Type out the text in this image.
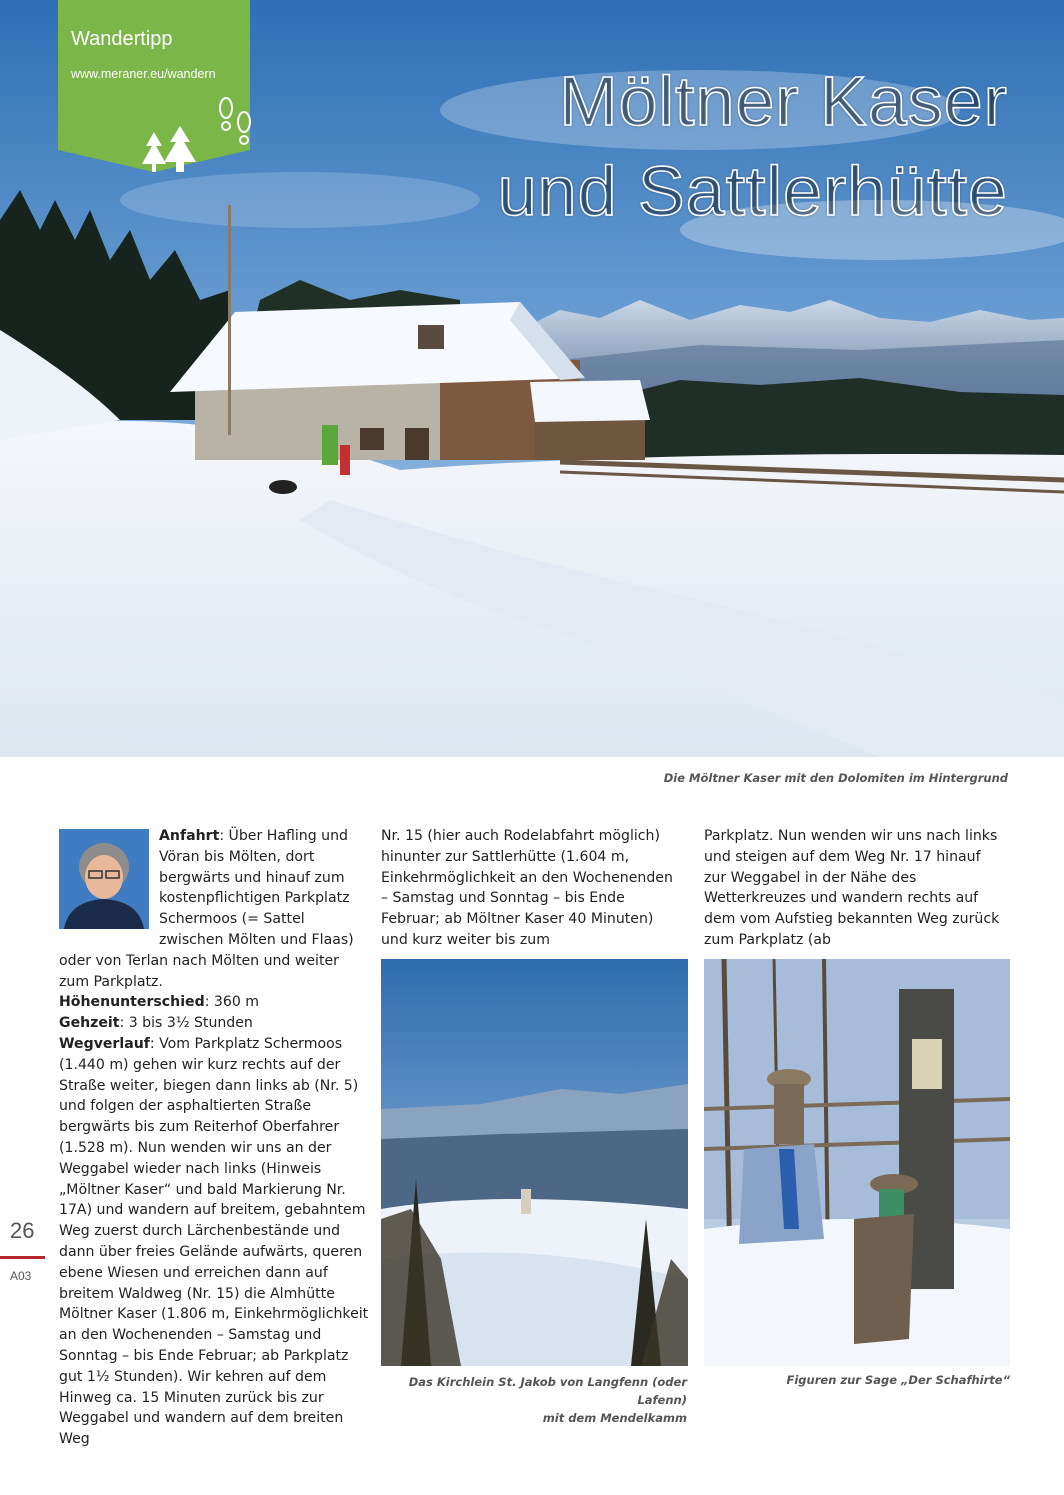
Wandertipp
www.meraner.eu/wandern	Möltner Kaser
und Sattlerhütte
Die Möltner Kaser mit den Dolomiten im Hintergrund

Anfahrt: Über Hafling und Vöran bis Mölten, dort bergwärts und hinauf zum kostenpflichtigen Parkplatz Schermoos (= Sattel zwischen Mölten und Flaas) oder von Terlan nach Mölten und weiter zum Parkplatz.

Höhenunterschied: 360 m

Gehzeit: 3 bis 3½ Stunden

Wegverlauf: Vom Parkplatz Schermoos (1.440 m) gehen wir kurz rechts auf der Straße weiter, biegen dann links ab (Nr. 5) und folgen der asphaltierten Straße bergwärts bis zum Reiterhof Oberfahrer (1.528 m). Nun wenden wir uns an der Weggabel wieder nach links (Hinweis „Möltner Kaser“ und bald Markierung Nr. 17A) und wandern auf breitem, gebahntem Weg zuerst durch Lärchenbestände und dann über freies Gelände aufwärts, queren ebene Wiesen und erreichen dann auf breitem Waldweg (Nr. 15) die Almhütte Möltner Kaser (1.806 m, Einkehrmöglichkeit an den Wochenenden – Samstag und Sonntag – bis Ende Februar; ab Parkplatz gut 1½ Stunden). Wir kehren auf dem Hinweg ca. 15 Minuten zurück bis zur Weggabel und wandern auf dem breiten Weg

Nr. 15 (hier auch Rodelabfahrt möglich) hinunter zur Sattlerhütte (1.604 m, Einkehrmöglichkeit an den Wochenenden – Samstag und Sonntag – bis Ende Februar; ab Möltner Kaser 40 Minuten) und kurz weiter bis zum
Parkplatz. Nun wenden wir uns nach links und steigen auf dem Weg Nr. 17 hinauf zur Weggabel in der Nähe des Wetterkreuzes und wandern rechts auf dem vom Aufstieg bekannten Weg zurück zum Parkplatz (ab
Das Kirchlein St. Jakob von Langfenn (oder Lafenn)
mit dem Mendelkamm
Figuren zur Sage „Der Schafhirte“
26
A03
